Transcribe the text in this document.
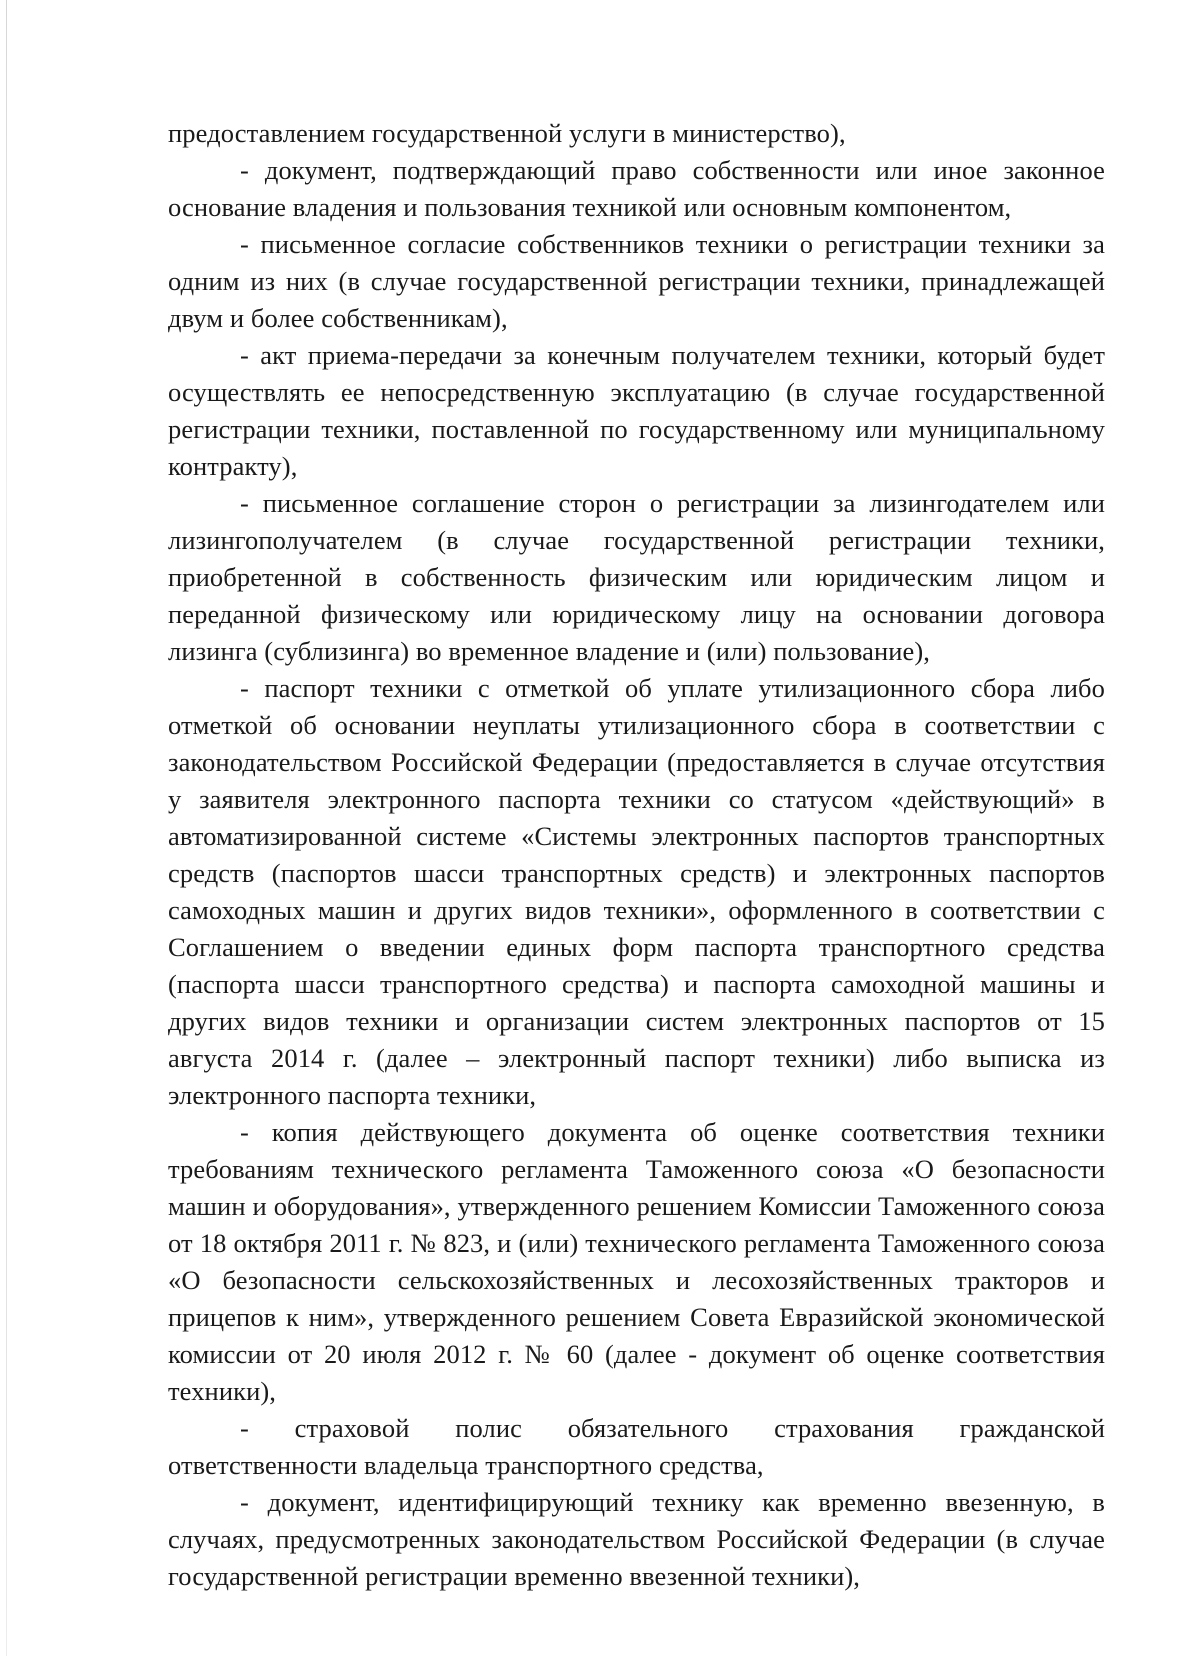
предоставлением государственной услуги в министерство),

- документ, подтверждающий право собственности или иное законное основание владения и пользования техникой или основным компонентом,

- письменное согласие собственников техники о регистрации техники за одним из них (в случае государственной регистрации техники, принадлежащей двум и более собственникам),

- акт приема-передачи за конечным получателем техники, который будет осуществлять ее непосредственную эксплуатацию (в случае государственной регистрации техники, поставленной по государственному или муниципальному контракту),

- письменное соглашение сторон о регистрации за лизингодателем или лизингополучателем (в случае государственной регистрации техники, приобретенной в собственность физическим или юридическим лицом и переданной физическому или юридическому лицу на основании договора лизинга (сублизинга) во временное владение и (или) пользование),

- паспорт техники с отметкой об уплате утилизационного сбора либо отметкой об основании неуплаты утилизационного сбора в соответствии с законодательством Российской Федерации (предоставляется в случае отсутствия у заявителя электронного паспорта техники со статусом «действующий» в автоматизированной системе «Системы электронных паспортов транспортных средств (паспортов шасси транспортных средств) и электронных паспортов самоходных машин и других видов техники», оформленного в соответствии с Соглашением о введении единых форм паспорта транспортного средства (паспорта шасси транспортного средства) и паспорта самоходной машины и других видов техники и организации систем электронных паспортов от 15 августа 2014 г. (далее – электронный паспорт техники) либо выписка из электронного паспорта техники,

- копия действующего документа об оценке соответствия техники требованиям технического регламента Таможенного союза «О безопасности машин и оборудования», утвержденного решением Комиссии Таможенного союза от 18 октября 2011 г. № 823, и (или) технического регламента Таможенного союза «О безопасности сельскохозяйственных и лесохозяйственных тракторов и прицепов к ним», утвержденного решением Совета Евразийской экономической комиссии от 20 июля 2012 г. № 60 (далее - документ об оценке соответствия техники),

- страховой полис обязательного страхования гражданской ответственности владельца транспортного средства,

- документ, идентифицирующий технику как временно ввезенную, в случаях, предусмотренных законодательством Российской Федерации (в случае государственной регистрации временно ввезенной техники),
